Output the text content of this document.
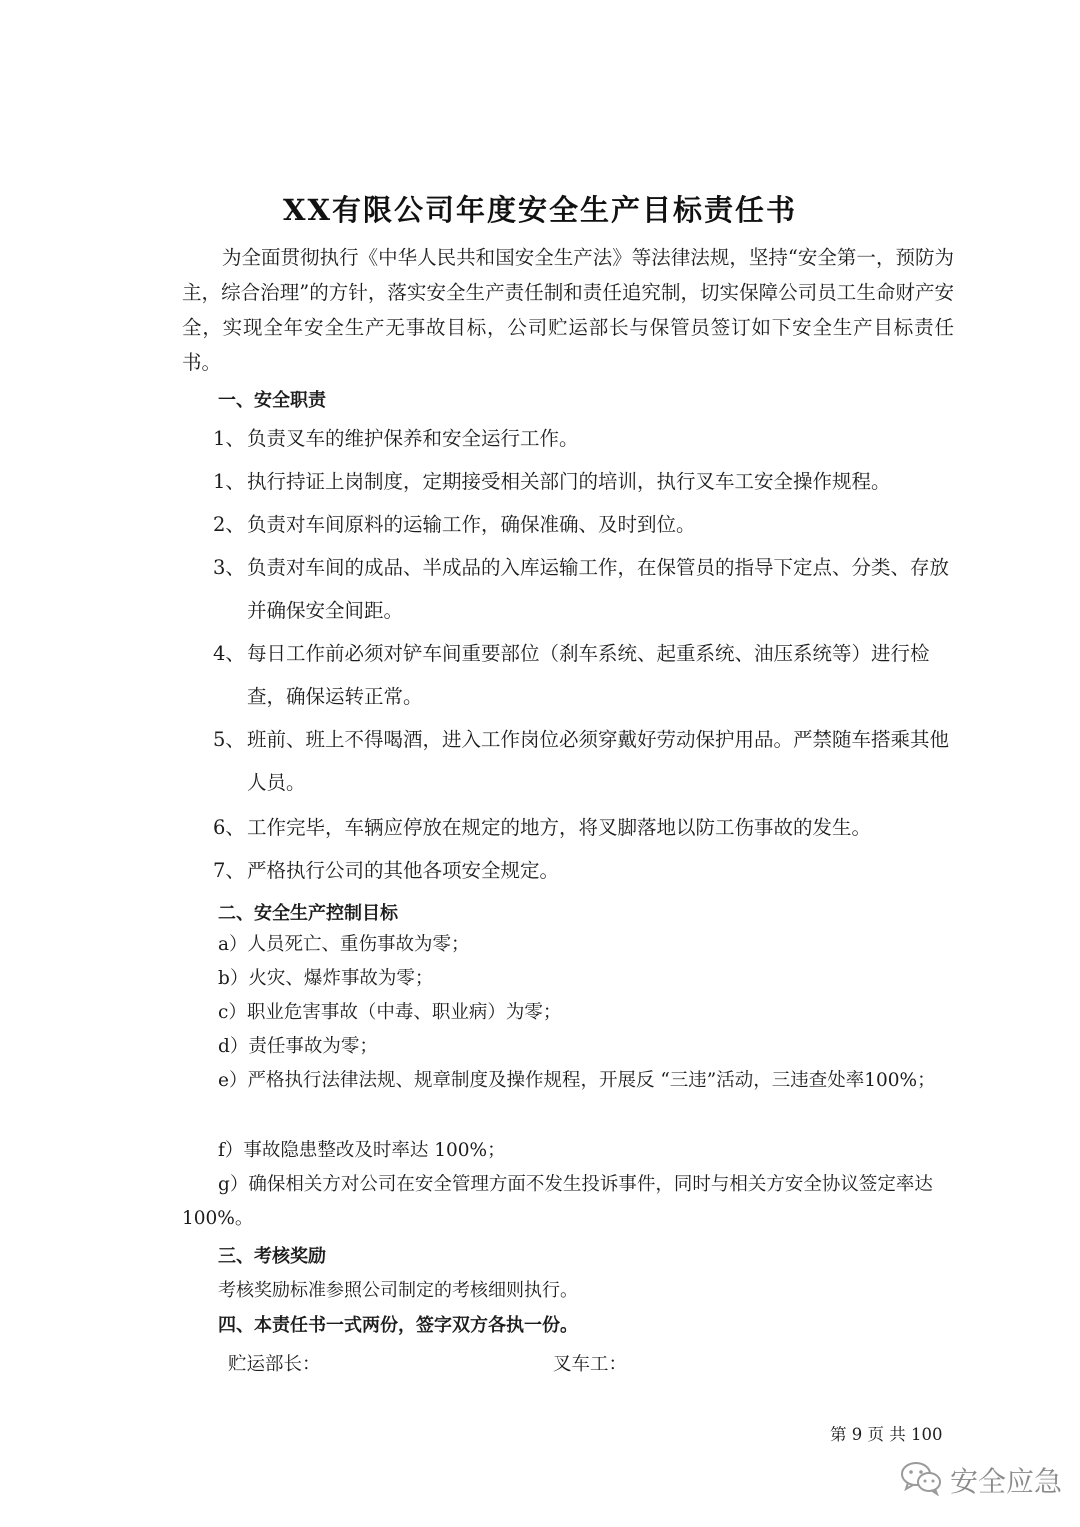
XX有限公司年度安全生产目标责任书

为全面贯彻执行《中华人民共和国安全生产法》等法律法规，坚持“安全第一，预防为主，综合治理”的方针，落实安全生产责任制和责任追究制，切实保障公司员工生命财产安全，实现全年安全生产无事故目标，公司贮运部长与保管员签订如下安全生产目标责任书。

一、安全职责

1、 负责叉车的维护保养和安全运行工作。
1、 执行持证上岗制度，定期接受相关部门的培训，执行叉车工安全操作规程。
2、 负责对车间原料的运输工作，确保准确、及时到位。
3、 负责对车间的成品、半成品的入库运输工作，在保管员的指导下定点、分类、存放并确保安全间距。
4、 每日工作前必须对铲车间重要部位（刹车系统、起重系统、油压系统等）进行检查，确保运转正常。
5、 班前、班上不得喝酒，进入工作岗位必须穿戴好劳动保护用品。严禁随车搭乘其他人员。
6、 工作完毕，车辆应停放在规定的地方，将叉脚落地以防工伤事故的发生。
7、 严格执行公司的其他各项安全规定。

二、安全生产控制目标

a）人员死亡、重伤事故为零；

b）火灾、爆炸事故为零；

c）职业危害事故（中毒、职业病）为零；

d）责任事故为零；

e）严格执行法律法规、规章制度及操作规程，开展反 “三违”活动，三违查处率100%；

f）事故隐患整改及时率达 100%；

g）确保相关方对公司在安全管理方面不发生投诉事件，同时与相关方安全协议签定率达 100%。

三、考核奖励

考核奖励标准参照公司制定的考核细则执行。

四、本责任书一式两份，签字双方各执一份。

贮运部长：	叉车工：

第 9 页 共 100

安全应急
